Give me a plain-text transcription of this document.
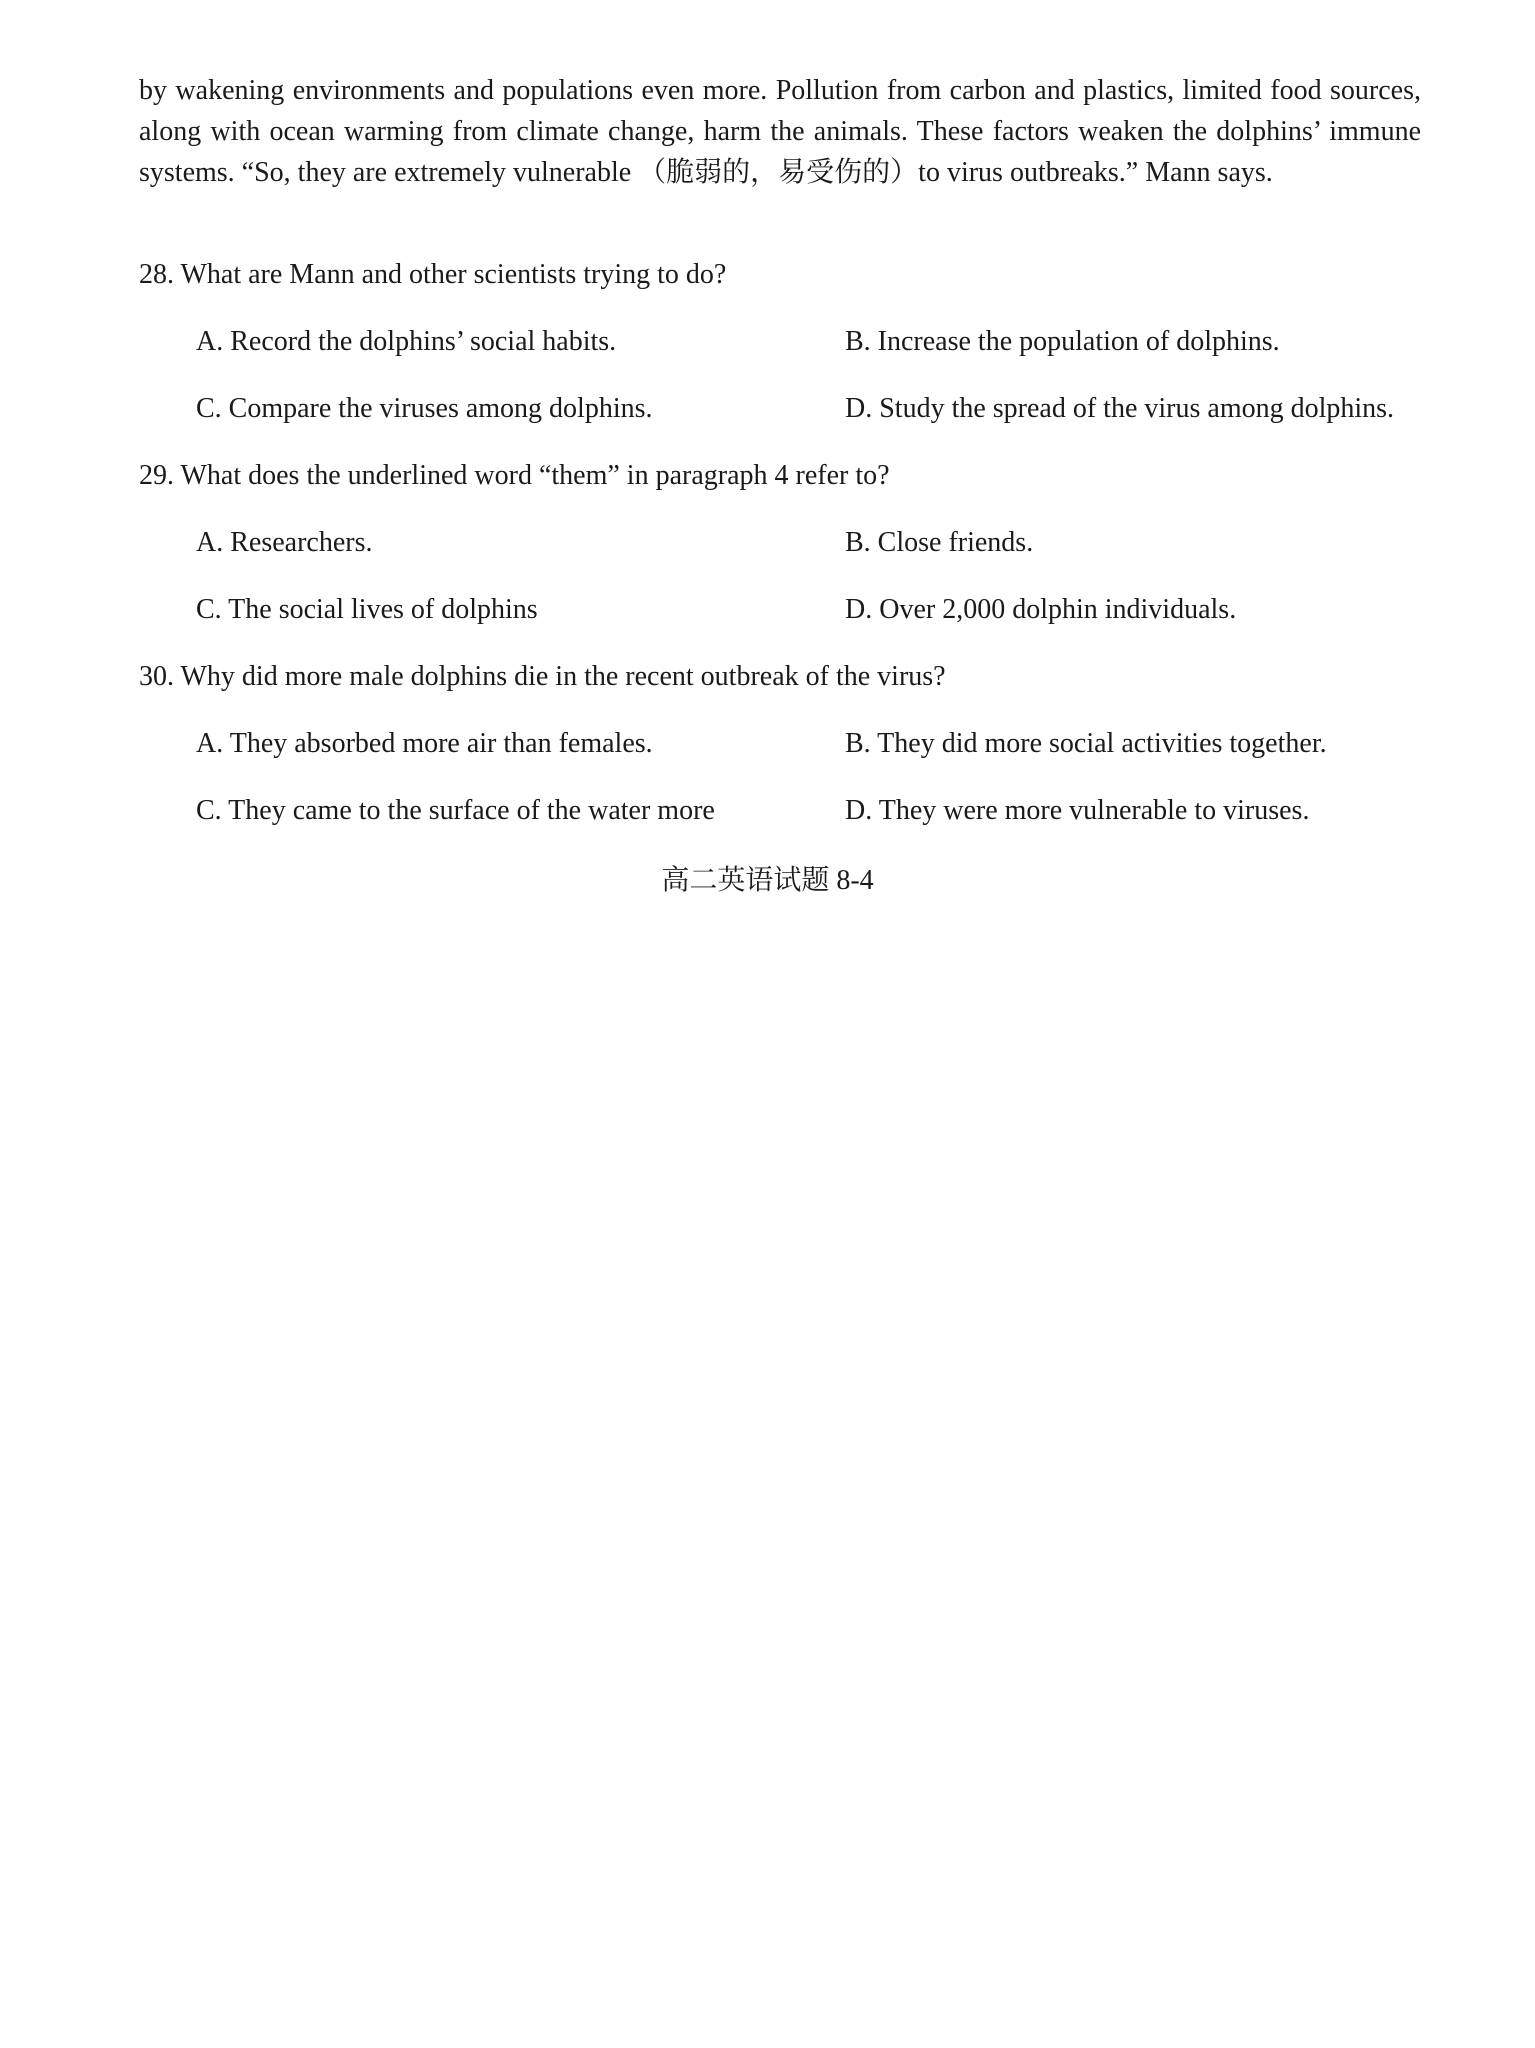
by wakening environments and populations even more. Pollution from carbon and plastics, limited food sources, along with ocean warming from climate change, harm the animals. These factors weaken the dolphins’ immune systems. “So, they are extremely vulnerable （脆弱的，易受伤的）to virus outbreaks.” Mann says.

28. What are Mann and other scientists trying to do?
A. Record the dolphins’ social habits.	B. Increase the population of dolphins.
C. Compare the viruses among dolphins.	D. Study the spread of the virus among dolphins.
29. What does the underlined word “them” in paragraph 4 refer to?
A. Researchers.	B. Close friends.
C. The social lives of dolphins	D. Over 2,000 dolphin individuals.
30. Why did more male dolphins die in the recent outbreak of the virus?
A. They absorbed more air than females.	B. They did more social activities together.
C. They came to the surface of the water more	D. They were more vulnerable to viruses.
高二英语试题 8-4
